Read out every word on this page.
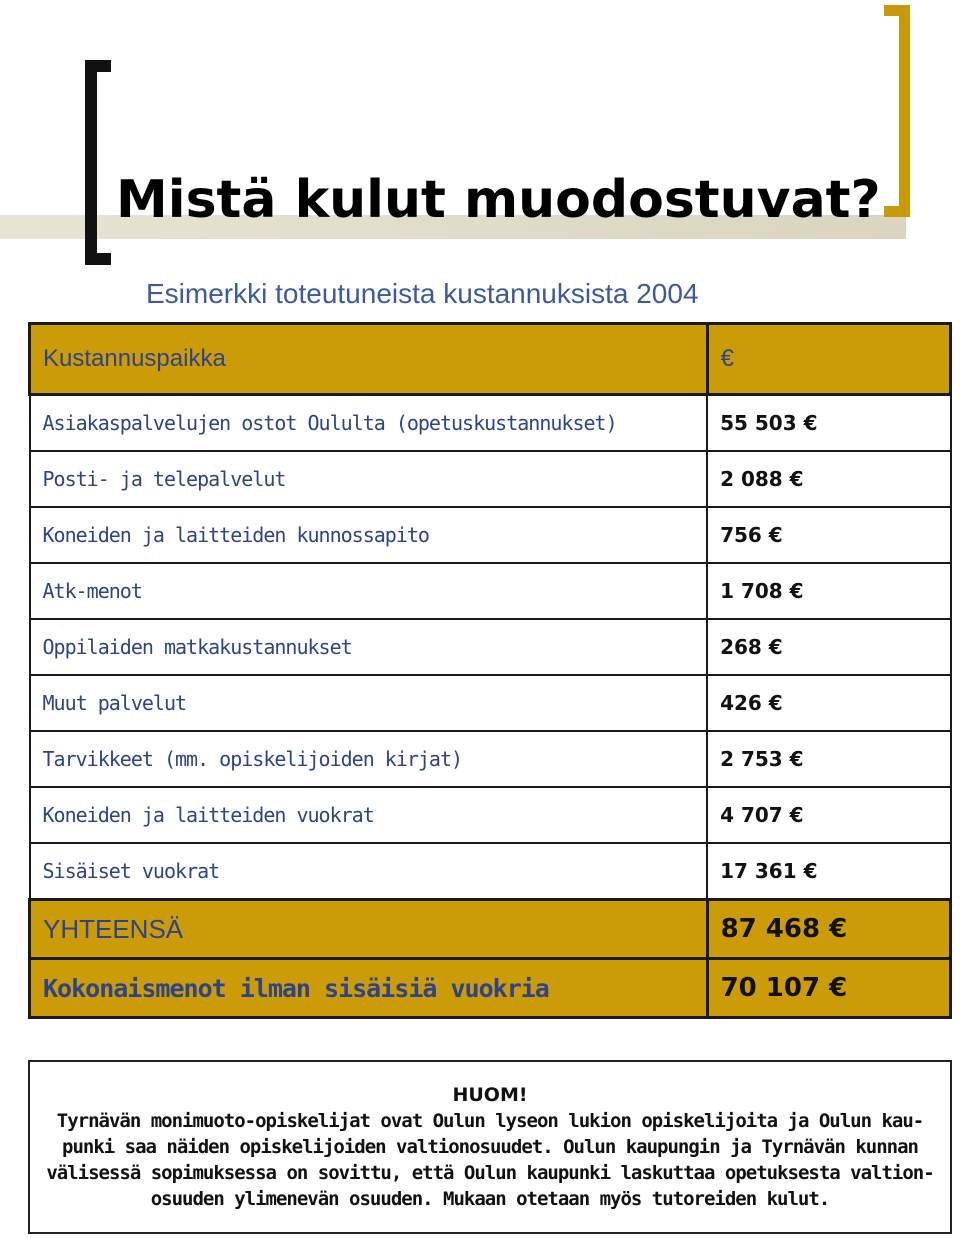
Mistä kulut muodostuvat?
Esimerkki toteutuneista kustannuksista 2004
Kustannuspaikka	€
Asiakaspalvelujen ostot Oululta (opetuskustannukset)	55 503 €
Posti- ja telepalvelut	2 088 €
Koneiden ja laitteiden kunnossapito	756 €
Atk-menot	1 708 €
Oppilaiden matkakustannukset	268 €
Muut palvelut	426 €
Tarvikkeet (mm. opiskelijoiden kirjat)	2 753 €
Koneiden ja laitteiden vuokrat	4 707 €
Sisäiset vuokrat	17 361 €
YHTEENSÄ	87 468 €
Kokonaismenot ilman sisäisiä vuokria	70 107 €
HUOM!
Tyrnävän monimuoto-opiskelijat ovat Oulun lyseon lukion opiskelijoita ja Oulun kau-
punki saa näiden opiskelijoiden valtionosuudet. Oulun kaupungin ja Tyrnävän kunnan
välisessä sopimuksessa on sovittu, että Oulun kaupunki laskuttaa opetuksesta valtion-
osuuden ylimenevän osuuden. Mukaan otetaan myös tutoreiden kulut.
